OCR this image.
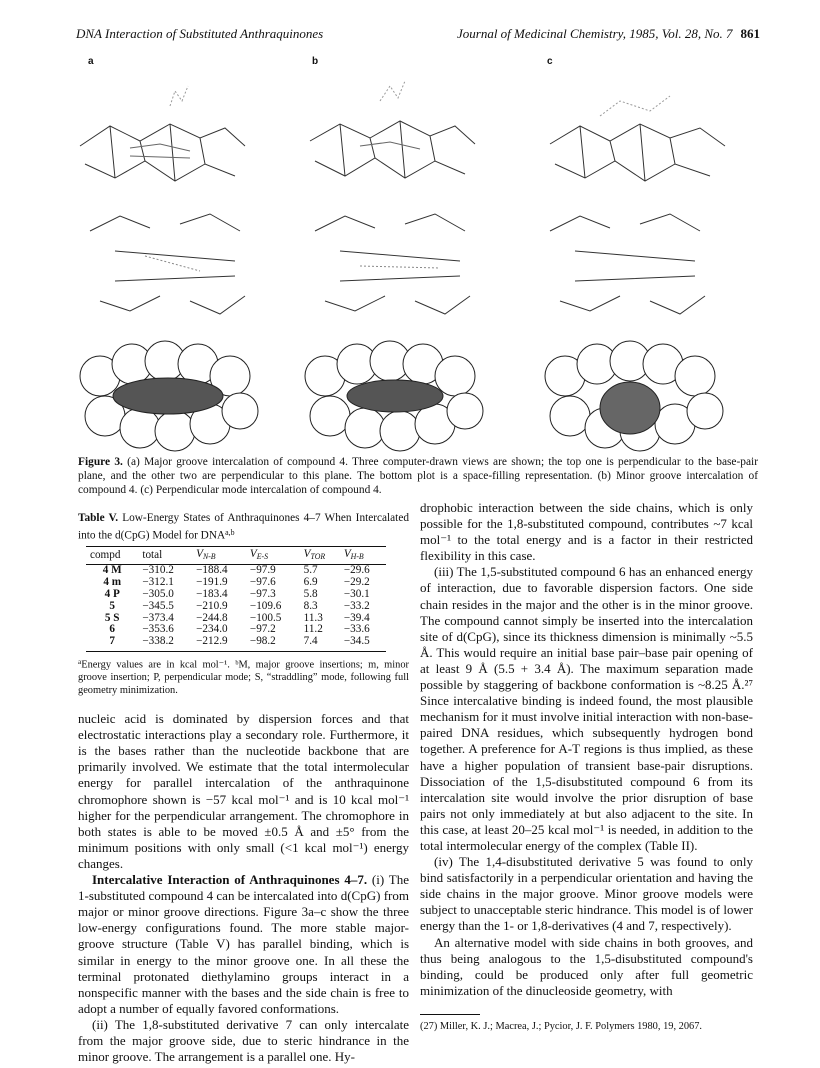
DNA Interaction of Substituted Anthraquinones	Journal of Medicinal Chemistry, 1985, Vol. 28, No. 7 861
a	b	c
Figure 3. (a) Major groove intercalation of compound 4. Three computer-drawn views are shown; the top one is perpendicular to the base-pair plane, and the other two are perpendicular to this plane. The bottom plot is a space-filling representation. (b) Minor groove intercalation of compound 4. (c) Perpendicular mode intercalation of compound 4.
Table V. Low-Energy States of Anthraquinones 4–7 When Intercalated into the d(CpG) Model for DNA$^{a,b}$
compd	total	$V_{N-B}$	$V_{E-S}$	$V_{TOR}$	$V_{H-B}$
4 M	−310.2	−188.4	−97.9	5.7	−29.6
4 m	−312.1	−191.9	−97.6	6.9	−29.2
4 P	−305.0	−183.4	−97.3	5.8	−30.1
5	−345.5	−210.9	−109.6	8.3	−33.2
5 S	−373.4	−244.8	−100.5	11.3	−39.4
6	−353.6	−234.0	−97.2	11.2	−33.6
7	−338.2	−212.9	−98.2	7.4	−34.5
$^a$Energy values are in kcal mol⁻¹. ᵇM, major groove insertions; m, minor groove insertion; P, perpendicular mode; S, “straddling” mode, following full geometry minimization.

nucleic acid is dominated by dispersion forces and that electrostatic interactions play a secondary role. Furthermore, it is the bases rather than the nucleotide backbone that are primarily involved. We estimate that the total intermolecular energy for parallel intercalation of the anthraquinone chromophore shown is −57 kcal mol⁻¹ and is 10 kcal mol⁻¹ higher for the perpendicular arrangement. The chromophore in both states is able to be moved ±0.5 Å and ±5° from the minimum positions with only small (<1 kcal mol⁻¹) energy changes.

Intercalative Interaction of Anthraquinones 4–7. (i) The 1-substituted compound 4 can be intercalated into d(CpG) from major or minor groove directions. Figure 3a–c show the three low-energy configurations found. The more stable major-groove structure (Table V) has parallel binding, which is similar in energy to the minor groove one. In all these the terminal protonated diethylamino groups interact in a nonspecific manner with the bases and the side chain is free to adopt a number of equally favored conformations.

(ii) The 1,8-substituted derivative 7 can only intercalate from the major groove side, due to steric hindrance in the minor groove. The arrangement is a parallel one. Hy-

drophobic interaction between the side chains, which is only possible for the 1,8-substituted compound, contributes ~7 kcal mol⁻¹ to the total energy and is a factor in their restricted flexibility in this case.

(iii) The 1,5-substituted compound 6 has an enhanced energy of interaction, due to favorable dispersion factors. One side chain resides in the major and the other is in the minor groove. The compound cannot simply be inserted into the intercalation site of d(CpG), since its thickness dimension is minimally ~5.5 Å. This would require an initial base pair–base pair opening of at least 9 Å (5.5 + 3.4 Å). The maximum separation made possible by staggering of backbone conformation is ~8.25 Å.²⁷ Since intercalative binding is indeed found, the most plausible mechanism for it must involve initial interaction with non-base-paired DNA residues, which subsequently hydrogen bond together. A preference for A-T regions is thus implied, as these have a higher population of transient base-pair disruptions. Dissociation of the 1,5-disubstituted compound 6 from its intercalation site would involve the prior disruption of base pairs not only immediately at but also adjacent to the site. In this case, at least 20–25 kcal mol⁻¹ is needed, in addition to the total intermolecular energy of the complex (Table II).

(iv) The 1,4-disubstituted derivative 5 was found to only bind satisfactorily in a perpendicular orientation and having the side chains in the major groove. Minor groove models were subject to unacceptable steric hindrance. This model is of lower energy than the 1- or 1,8-derivatives (4 and 7, respectively).

An alternative model with side chains in both grooves, and thus being analogous to the 1,5-disubstituted compound's binding, could be produced only after full geometric minimization of the dinucleoside geometry, with

(27) Miller, K. J.; Macrea, J.; Pycior, J. F. Polymers 1980, 19, 2067.
